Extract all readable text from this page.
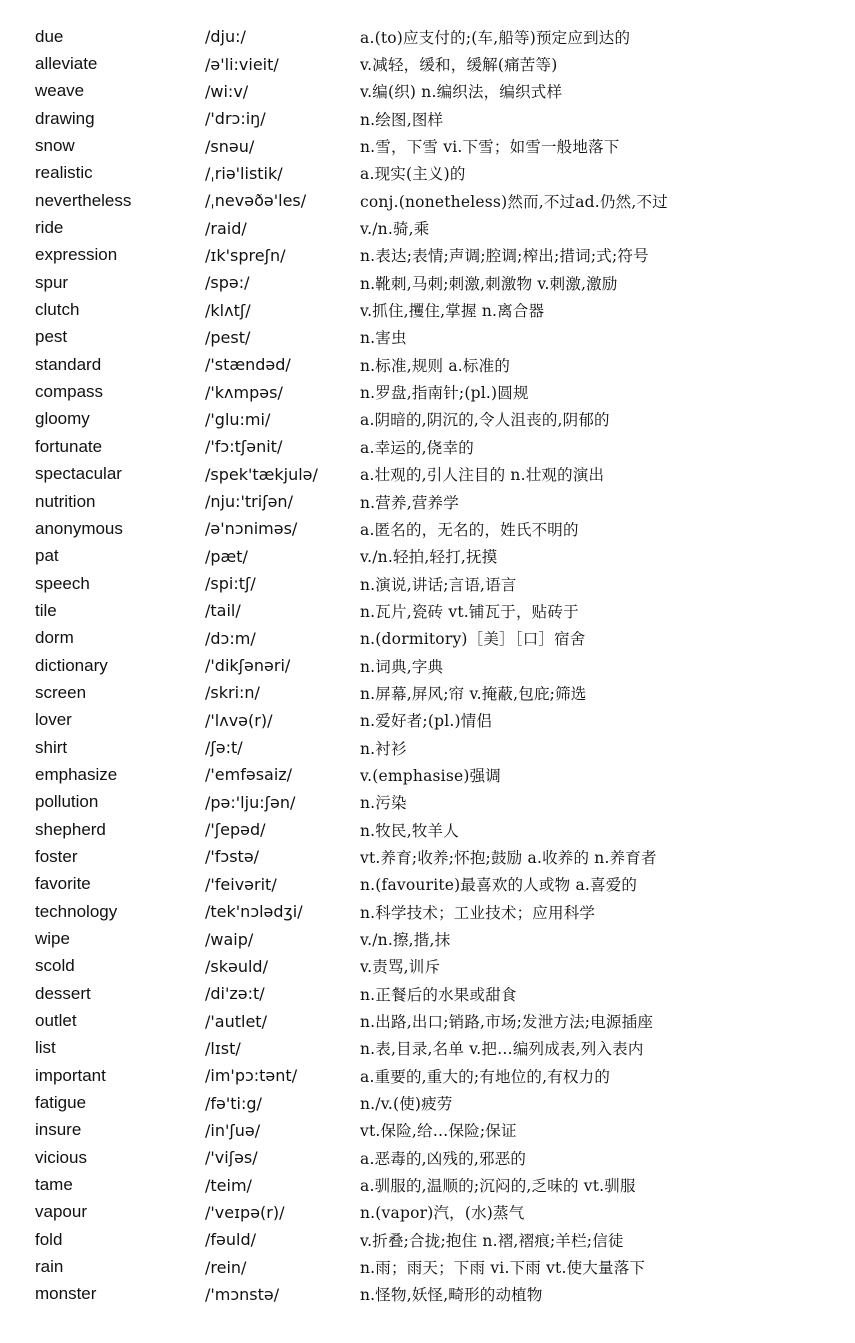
due	/dju:/	a.(to)应支付的;(车,船等)预定应到达的
alleviate	/ə'li:vieit/	v.减轻，缓和，缓解(痛苦等)
weave	/wi:v/	v.编(织) n.编织法，编织式样
drawing	/'drɔ:iŋ/	n.绘图,图样
snow	/snəu/	n.雪，下雪 vi.下雪；如雪一般地落下
realistic	/ˌriə'listik/	a.现实(主义)的
nevertheless	/ˌnevəðə'les/	conj.(nonetheless)然而,不过ad.仍然,不过
ride	/raid/	v./n.骑,乘
expression	/ɪk'spreʃn/	n.表达;表情;声调;腔调;榨出;措词;式;符号
spur	/spə:/	n.靴刺,马刺;刺激,刺激物 v.刺激,激励
clutch	/klʌtʃ/	v.抓住,攫住,掌握 n.离合器
pest	/pest/	n.害虫
standard	/'stændəd/	n.标准,规则 a.标准的
compass	/'kʌmpəs/	n.罗盘,指南针;(pl.)圆规
gloomy	/'glu:mi/	a.阴暗的,阴沉的,令人沮丧的,阴郁的
fortunate	/'fɔ:tʃənit/	a.幸运的,侥幸的
spectacular	/spek'tækjulə/	a.壮观的,引人注目的 n.壮观的演出
nutrition	/nju:'triʃən/	n.营养,营养学
anonymous	/ə'nɔniməs/	a.匿名的，无名的，姓氏不明的
pat	/pæt/	v./n.轻拍,轻打,抚摸
speech	/spi:tʃ/	n.演说,讲话;言语,语言
tile	/tail/	n.瓦片,瓷砖 vt.铺瓦于，贴砖于
dorm	/dɔ:m/	n.(dormitory)［美］［口］宿舍
dictionary	/'dikʃənəri/	n.词典,字典
screen	/skri:n/	n.屏幕,屏风;帘 v.掩蔽,包庇;筛选
lover	/'lʌvə(r)/	n.爱好者;(pl.)情侣
shirt	/ʃə:t/	n.衬衫
emphasize	/'emfəsaiz/	v.(emphasise)强调
pollution	/pə:'lju:ʃən/	n.污染
shepherd	/'ʃepəd/	n.牧民,牧羊人
foster	/'fɔstə/	vt.养育;收养;怀抱;鼓励 a.收养的 n.养育者
favorite	/'feivərit/	n.(favourite)最喜欢的人或物 a.喜爱的
technology	/tek'nɔlədʒi/	n.科学技术；工业技术；应用科学
wipe	/waip/	v./n.擦,揩,抹
scold	/skəuld/	v.责骂,训斥
dessert	/di'zə:t/	n.正餐后的水果或甜食
outlet	/'autlet/	n.出路,出口;销路,市场;发泄方法;电源插座
list	/lɪst/	n.表,目录,名单 v.把…编列成表,列入表内
important	/im'pɔ:tənt/	a.重要的,重大的;有地位的,有权力的
fatigue	/fə'ti:g/	n./v.(使)疲劳
insure	/in'ʃuə/	vt.保险,给…保险;保证
vicious	/'viʃəs/	a.恶毒的,凶残的,邪恶的
tame	/teim/	a.驯服的,温顺的;沉闷的,乏味的 vt.驯服
vapour	/'veɪpə(r)/	n.(vapor)汽，(水)蒸气
fold	/fəuld/	v.折叠;合拢;抱住 n.褶,褶痕;羊栏;信徒
rain	/rein/	n.雨；雨天；下雨 vi.下雨 vt.使大量落下
monster	/'mɔnstə/	n.怪物,妖怪,畸形的动植物
